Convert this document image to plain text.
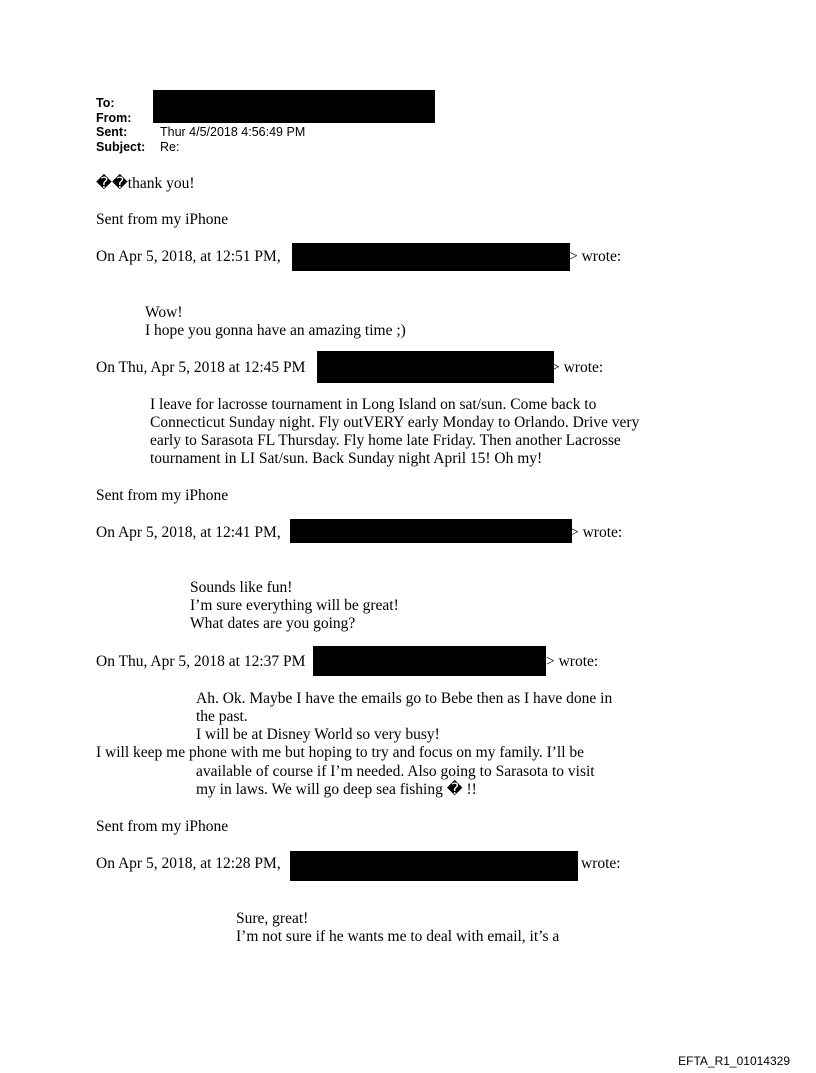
To:
From:
Sent:	Thur 4/5/2018 4:56:49 PM
Subject:	Re:
��thank you!
Sent from my iPhone
On Apr 5, 2018, at 12:51 PM,	> wrote:
Wow!
I hope you gonna have an amazing time ;)
On Thu, Apr 5, 2018 at 12:45 PM	> wrote:
I leave for lacrosse tournament in Long Island on sat/sun. Come back to
Connecticut Sunday night. Fly outVERY early Monday to Orlando. Drive very
early to Sarasota FL Thursday. Fly home late Friday. Then another Lacrosse
tournament in LI Sat/sun. Back Sunday night April 15! Oh my!
Sent from my iPhone
On Apr 5, 2018, at 12:41 PM,	> wrote:
Sounds like fun!
I’m sure everything will be great!
What dates are you going?
On Thu, Apr 5, 2018 at 12:37 PM	> wrote:
Ah. Ok. Maybe I have the emails go to Bebe then as I have done in
the past.
I will be at Disney World so very busy!
I will keep me phone with me but hoping to try and focus on my family. I’ll be
available of course if I’m needed. Also going to Sarasota to visit
my in laws. We will go deep sea fishing � !!
Sent from my iPhone
On Apr 5, 2018, at 12:28 PM,	wrote:
Sure, great!
I’m not sure if he wants me to deal with email, it’s a
EFTA_R1_01014329
